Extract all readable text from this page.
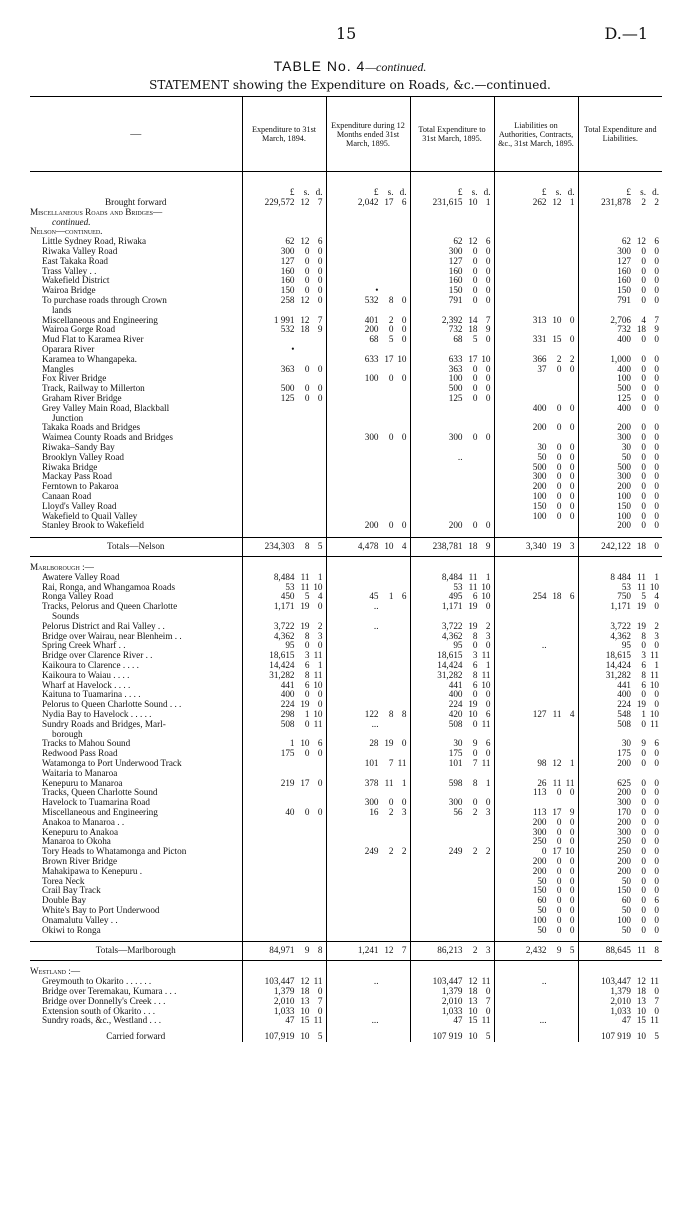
15	D.—1
TABLE No. 4—continued.
STATEMENT showing the Expenditure on Roads, &c.—continued.
—	Expenditure to 31st March, 1894.	Expenditure during 12 Months ended 31st March, 1895.	Total Expenditure to 31st March, 1895.	Liabilities on Authorities, Contracts, &c., 31st March, 1895.	Total Expenditure and Liabilities.

	£ s. d.	£ s. d.	£ s. d.	£ s. d.	£ s. d.

Brought forward	229,572 12 7	2,042 17 6	231,615 10 1	262 12 1	231,878 2 2

Miscellaneous Roads and Bridges—					
continued.					
Nelson—continued.					
Little Sydney Road, Riwaka	62 12 6		62 12 6		62 12 6

Riwaka Valley Road	300 0 0		300 0 0		300 0 0

East Takaka Road	127 0 0		127 0 0		127 0 0

Trass Valley . .	160 0 0		160 0 0		160 0 0

Wakefield District	160 0 0		160 0 0		160 0 0

Wairoa Bridge	150 0 0	•	150 0 0		150 0 0

To purchase roads through Crown	258 12 0	532 8 0	791 0 0		791 0 0

lands					
Miscellaneous and Engineering	1 991 12 7	401 2 0	2,392 14 7	313 10 0	2,706 4 7

Wairoa Gorge Road	532 18 9	200 0 0	732 18 9		732 18 9

Mud Flat to Karamea River		68 5 0	68 5 0	331 15 0	400 0 0

Oparara River	•				

Karamea to Whangapeka.		633 17 10	633 17 10	366 2 2	1,000 0 0

Mangles	363 0 0		363 0 0	37 0 0	400 0 0

Fox River Bridge		100 0 0	100 0 0		100 0 0

Track, Railway to Millerton	500 0 0		500 0 0		500 0 0

Graham River Bridge	125 0 0		125 0 0		125 0 0

Grey Valley Main Road, Blackball				400 0 0	400 0 0

Junction					
Takaka Roads and Bridges				200 0 0	200 0 0

Waimea County Roads and Bridges		300 0 0	300 0 0		300 0 0

Riwaka–Sandy Bay				30 0 0	30 0 0

Brooklyn Valley Road			..	50 0 0	50 0 0

Riwaka Bridge				500 0 0	500 0 0

Mackay Pass Road				300 0 0	300 0 0

Ferntown to Pakaroa				200 0 0	200 0 0

Canaan Road				100 0 0	100 0 0

Lloyd's Valley Road				150 0 0	150 0 0

Wakefield to Quail Valley				100 0 0	100 0 0

Stanley Brook to Wakefield		200 0 0	200 0 0		200 0 0

Totals—Nelson	234,303 8 5	4,478 10 4	238,781 18 9	3,340 19 3	242,122 18 0

Marlborough :—					
Awatere Valley Road	8,484 11 1		8,484 11 1		8 484 11 1

Rai, Ronga, and Whangamoa Roads	53 11 10		53 11 10		53 11 10

Ronga Valley Road	450 5 4	45 1 6	495 6 10	254 18 6	750 5 4

Tracks, Pelorus and Queen Charlotte	1,171 19 0	..	1,171 19 0		1,171 19 0

Sounds					
Pelorus District and Rai Valley . .	3,722 19 2	..	3,722 19 2		3,722 19 2

Bridge over Wairau, near Blenheim . .	4,362 8 3		4,362 8 3		4,362 8 3

Spring Creek Wharf . .	95 0 0		95 0 0	..	95 0 0

Bridge over Clarence River . .	18,615 3 11		18,615 3 11		18,615 3 11

Kaikoura to Clarence . . . .	14,424 6 1		14,424 6 1		14,424 6 1

Kaikoura to Waiau . . . .	31,282 8 11		31,282 8 11		31,282 8 11

Wharf at Havelock . . . .	441 6 10		441 6 10		441 6 10

Kaituna to Tuamarina . . . .	400 0 0		400 0 0		400 0 0

Pelorus to Queen Charlotte Sound . . .	224 19 0		224 19 0		224 19 0

Nydia Bay to Havelock . . . . .	298 1 10	122 8 8	420 10 6	127 11 4	548 1 10

Sundry Roads and Bridges, Marl-	508 0 11	...	508 0 11		508 0 11

borough					
Tracks to Mahou Sound	1 10 6	28 19 0	30 9 6		30 9 6

Redwood Pass Road	175 0 0		175 0 0		175 0 0

Watamonga to Port Underwood Track		101 7 11	101 7 11	98 12 1	200 0 0

Waitaria to Manaroa					
Kenepuru to Manaroa	219 17 0	378 11 1	598 8 1	26 11 11	625 0 0

Tracks, Queen Charlotte Sound				113 0 0	200 0 0

Havelock to Tuamarina Road		300 0 0	300 0 0		300 0 0

Miscellaneous and Engineering	40 0 0	16 2 3	56 2 3	113 17 9	170 0 0

Anakoa to Manaroa . .				200 0 0	200 0 0

Kenepuru to Anakoa				300 0 0	300 0 0

Manaroa to Okoha				250 0 0	250 0 0

Tory Heads to Whatamonga and Picton		249 2 2	249 2 2	0 17 10	250 0 0

Brown River Bridge				200 0 0	200 0 0

Mahakipawa to Kenepuru .				200 0 0	200 0 0

Torea Neck				50 0 0	50 0 0

Crail Bay Track				150 0 0	150 0 0

Double Bay				60 0 0	60 0 6

White's Bay to Port Underwood				50 0 0	50 0 0

Onamalutu Valley . .				100 0 0	100 0 0

Okiwi to Ronga				50 0 0	50 0 0

Totals—Marlborough	84,971 9 8	1,241 12 7	86,213 2 3	2,432 9 5	88,645 11 8

Westland :—					
Greymouth to Okarito . . . . . .	103,447 12 11	..	103,447 12 11	..	103,447 12 11

Bridge over Teremakau, Kumara . . .	1,379 18 0		1,379 18 0		1,379 18 0

Bridge over Donnelly's Creek . . .	2,010 13 7		2,010 13 7		2,010 13 7

Extension south of Okarito . . .	1,033 10 0		1,033 10 0		1,033 10 0

Sundry roads, &c., Westland . . .	47 15 11	...	47 15 11	...	47 15 11

Carried forward	107,919 10 5		107 919 10 5		107 919 10 5
